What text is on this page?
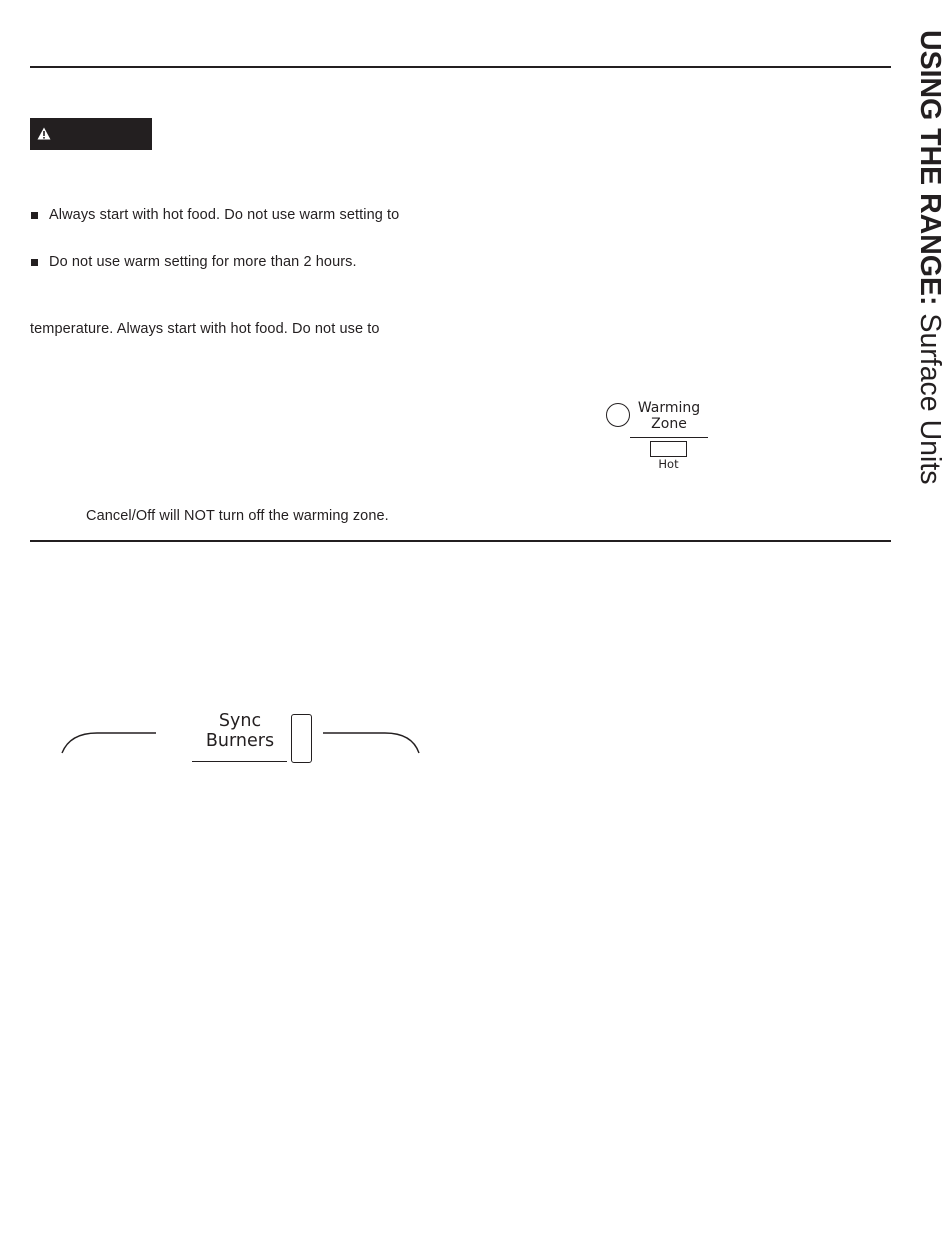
Always start with hot food. Do not use warm setting to
Do not use warm setting for more than 2 hours.
temperature. Always start with hot food. Do not use to
Warming
Zone
Hot
Cancel/Off will NOT turn off the warming zone.
USING THE RANGE: Surface Units
Sync
Burners
